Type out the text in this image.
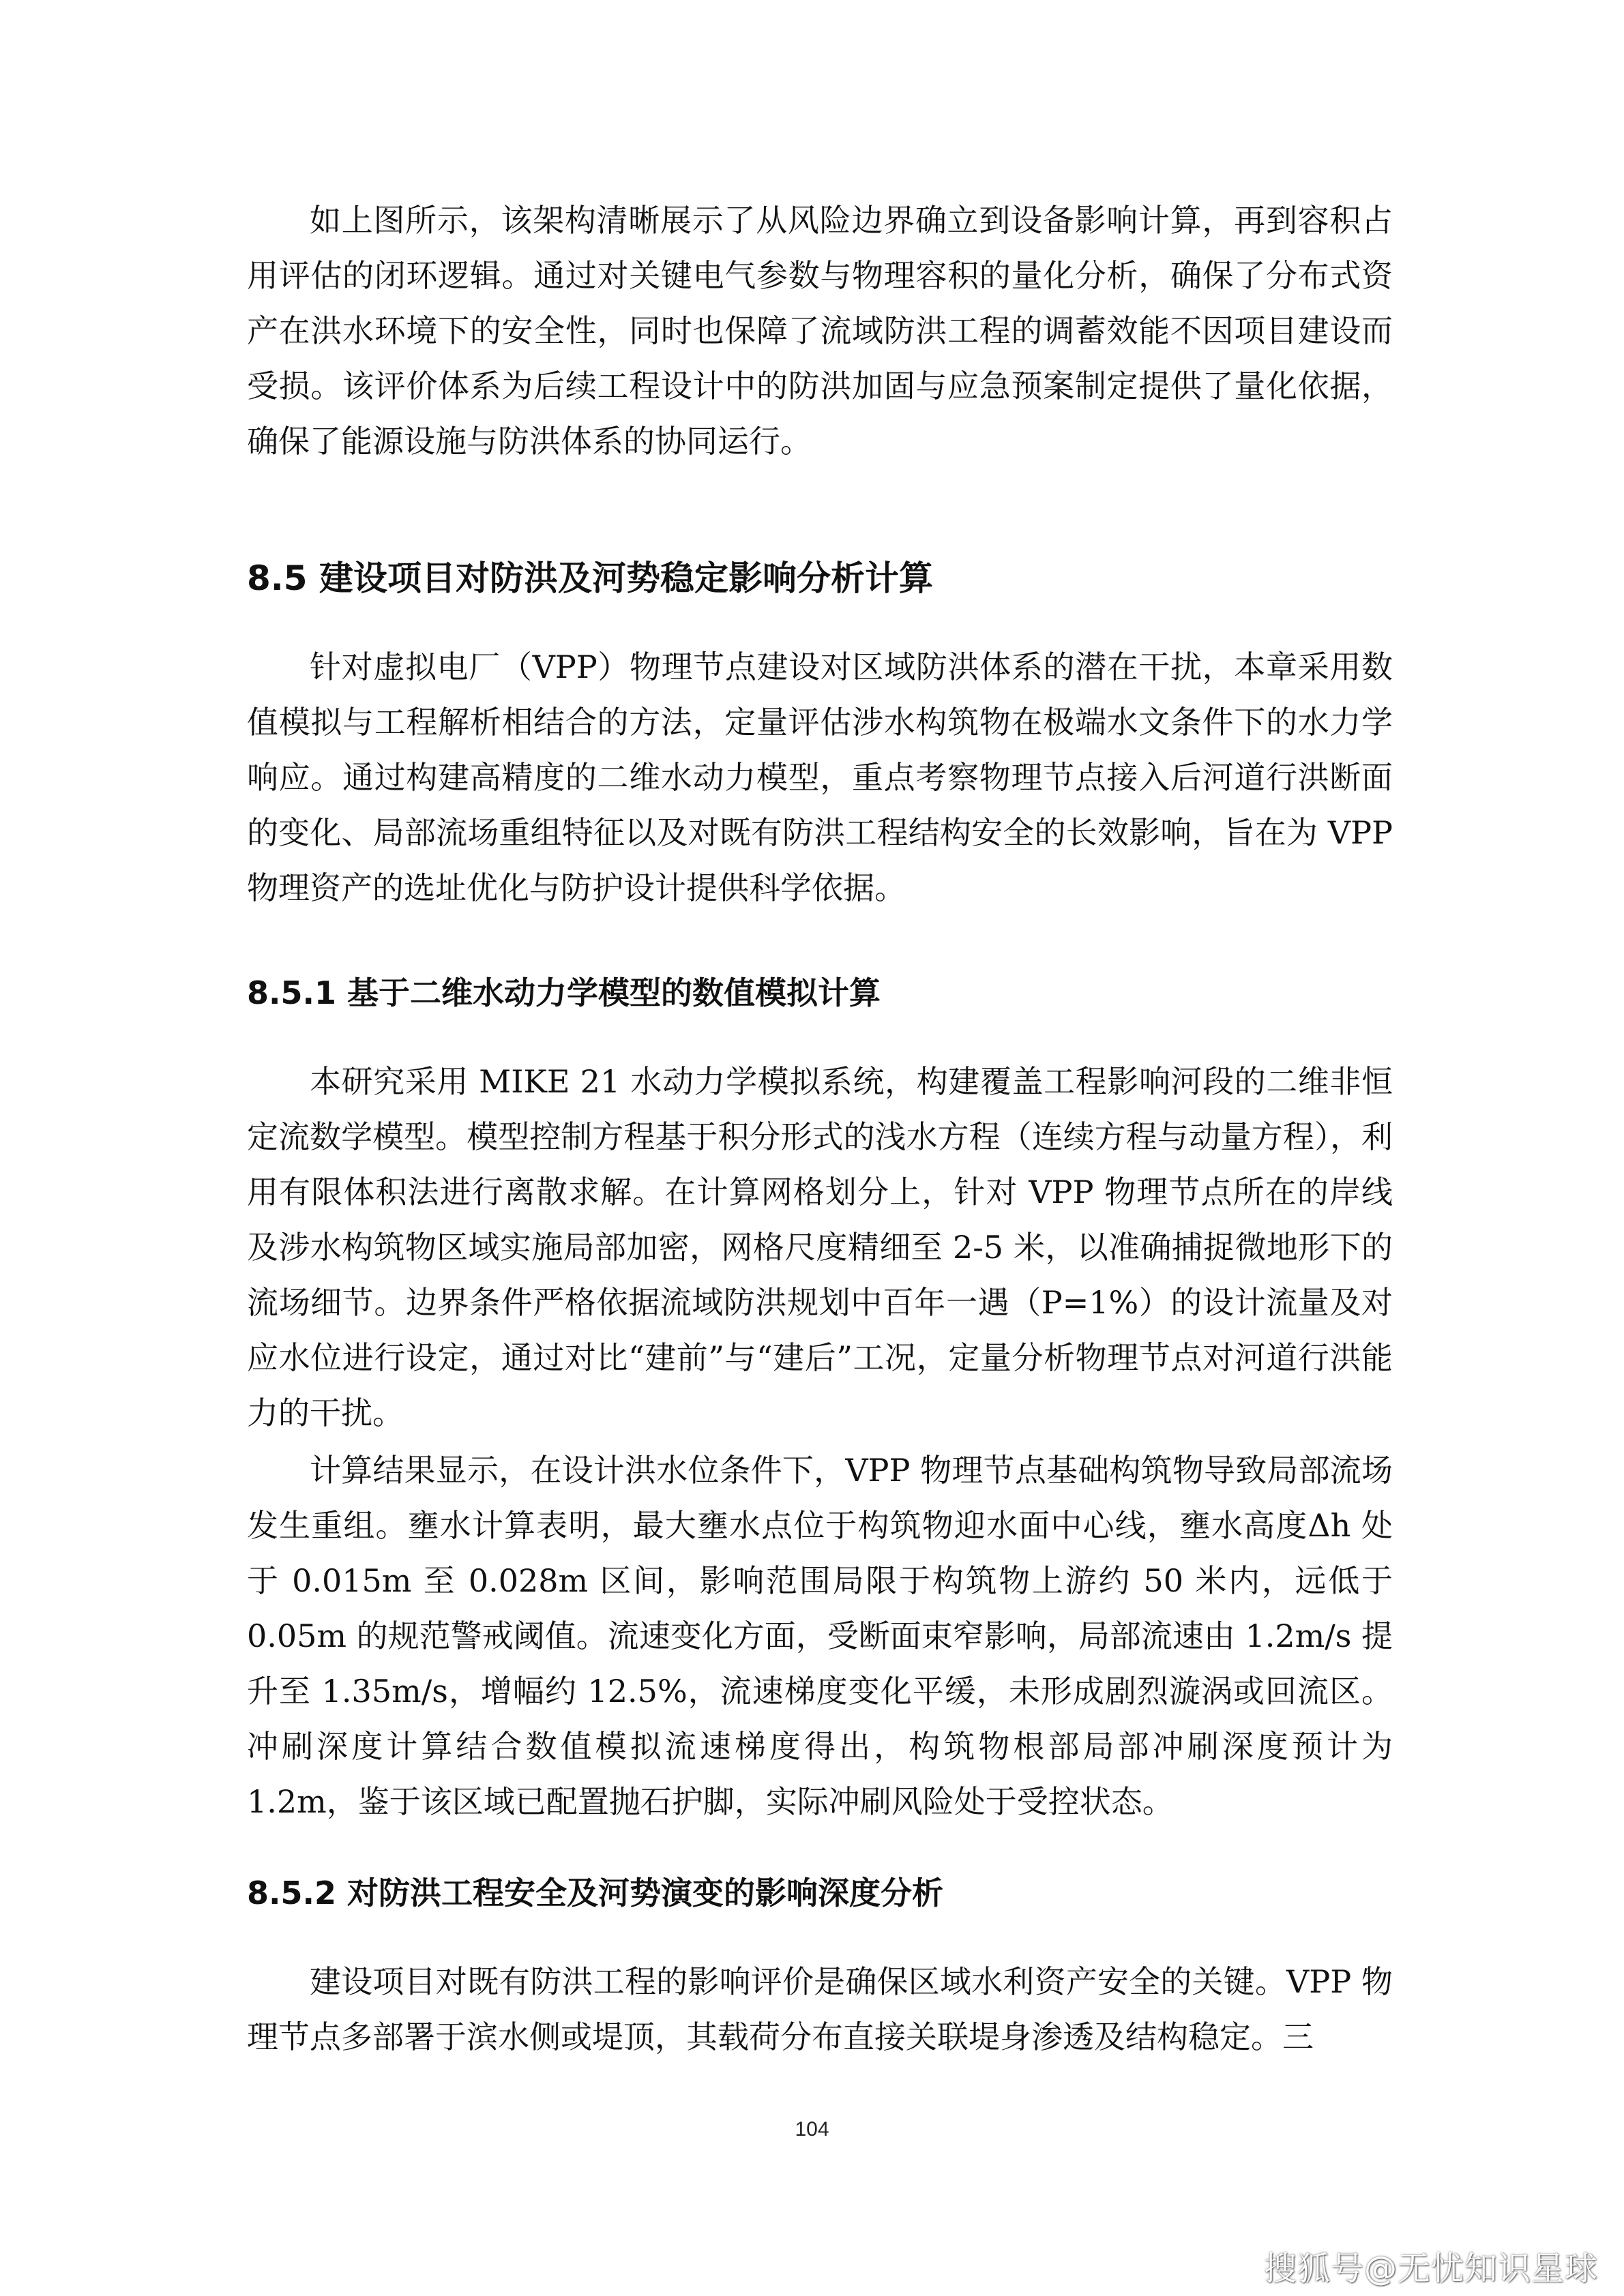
如上图所示，该架构清晰展示了从风险边界确立到设备影响计算，再到容积占用评估的闭环逻辑。通过对关键电气参数与物理容积的量化分析，确保了分布式资产在洪水环境下的安全性，同时也保障了流域防洪工程的调蓄效能不因项目建设而受损。该评价体系为后续工程设计中的防洪加固与应急预案制定提供了量化依据，确保了能源设施与防洪体系的协同运行。

8.5 建设项目对防洪及河势稳定影响分析计算

针对虚拟电厂（VPP）物理节点建设对区域防洪体系的潜在干扰，本章采用数值模拟与工程解析相结合的方法，定量评估涉水构筑物在极端水文条件下的水力学响应。通过构建高精度的二维水动力模型，重点考察物理节点接入后河道行洪断面的变化、局部流场重组特征以及对既有防洪工程结构安全的长效影响，旨在为 VPP 物理资产的选址优化与防护设计提供科学依据。

8.5.1 基于二维水动力学模型的数值模拟计算

本研究采用 MIKE 21 水动力学模拟系统，构建覆盖工程影响河段的二维非恒定流数学模型。模型控制方程基于积分形式的浅水方程（连续方程与动量方程），利用有限体积法进行离散求解。在计算网格划分上，针对 VPP 物理节点所在的岸线及涉水构筑物区域实施局部加密，网格尺度精细至 2-5 米，以准确捕捉微地形下的流场细节。边界条件严格依据流域防洪规划中百年一遇（P=1%）的设计流量及对应水位进行设定，通过对比“建前”与“建后”工况，定量分析物理节点对河道行洪能力的干扰。

计算结果显示，在设计洪水位条件下，VPP 物理节点基础构筑物导致局部流场发生重组。壅水计算表明，最大壅水点位于构筑物迎水面中心线，壅水高度Δh 处于 0.015m 至 0.028m 区间，影响范围局限于构筑物上游约 50 米内，远低于 0.05m 的规范警戒阈值。流速变化方面，受断面束窄影响，局部流速由 1.2m/s 提升至 1.35m/s，增幅约 12.5%，流速梯度变化平缓，未形成剧烈漩涡或回流区。冲刷深度计算结合数值模拟流速梯度得出，构筑物根部局部冲刷深度预计为 1.2m，鉴于该区域已配置抛石护脚，实际冲刷风险处于受控状态。

8.5.2 对防洪工程安全及河势演变的影响深度分析

建设项目对既有防洪工程的影响评价是确保区域水利资产安全的关键。VPP 物理节点多部署于滨水侧或堤顶，其载荷分布直接关联堤身渗透及结构稳定。三

104
搜狐号@无忧知识星球
